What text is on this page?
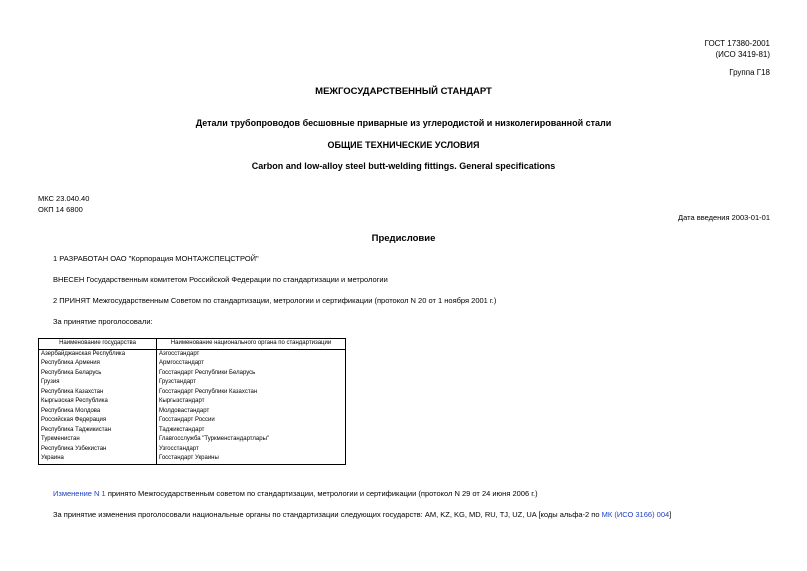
ГОСТ 17380-2001
(ИСО 3419-81)
Группа Г18
МЕЖГОСУДАРСТВЕННЫЙ СТАНДАРТ
Детали трубопроводов бесшовные приварные из углеродистой и низколегированной стали
ОБЩИЕ ТЕХНИЧЕСКИЕ УСЛОВИЯ
Carbon and low-alloy steel butt-welding fittings. General specifications
МКС 23.040.40
ОКП 14 6800
Дата введения 2003-01-01
Предисловие
1 РАЗРАБОТАН ОАО "Корпорация МОНТАЖСПЕЦСТРОЙ"
ВНЕСЕН Государственным комитетом Российской Федерации по стандартизации и метрологии
2 ПРИНЯТ Межгосударственным Советом по стандартизации, метрологии и сертификации (протокол N 20 от 1 ноября 2001 г.)
За принятие проголосовали:
Наименование государства	Наименование национального органа по стандартизации
Азербайджанская Республика	Азгосстандарт
Республика Армения	Армгосстандарт
Республика Беларусь	Госстандарт Республики Беларусь
Грузия	Грузстандарт
Республика Казахстан	Госстандарт Республики Казахстан
Кыргызская Республика	Кыргызстандарт
Республика Молдова	Молдовастандарт
Российская Федерация	Госстандарт России
Республика Таджикистан	Таджикстандарт
Туркменистан	Главгосслужба "Туркменстандартлары"
Республика Узбекистан	Узгосстандарт
Украина	Госстандарт Украины
Изменение N 1 принято Межгосударственным советом по стандартизации, метрологии и сертификации (протокол N 29 от 24 июня 2006 г.)
За принятие изменения проголосовали национальные органы по стандартизации следующих государств: AM, KZ, KG, MD, RU, TJ, UZ, UA [коды альфа-2 по МК (ИСО 3166) 004]
